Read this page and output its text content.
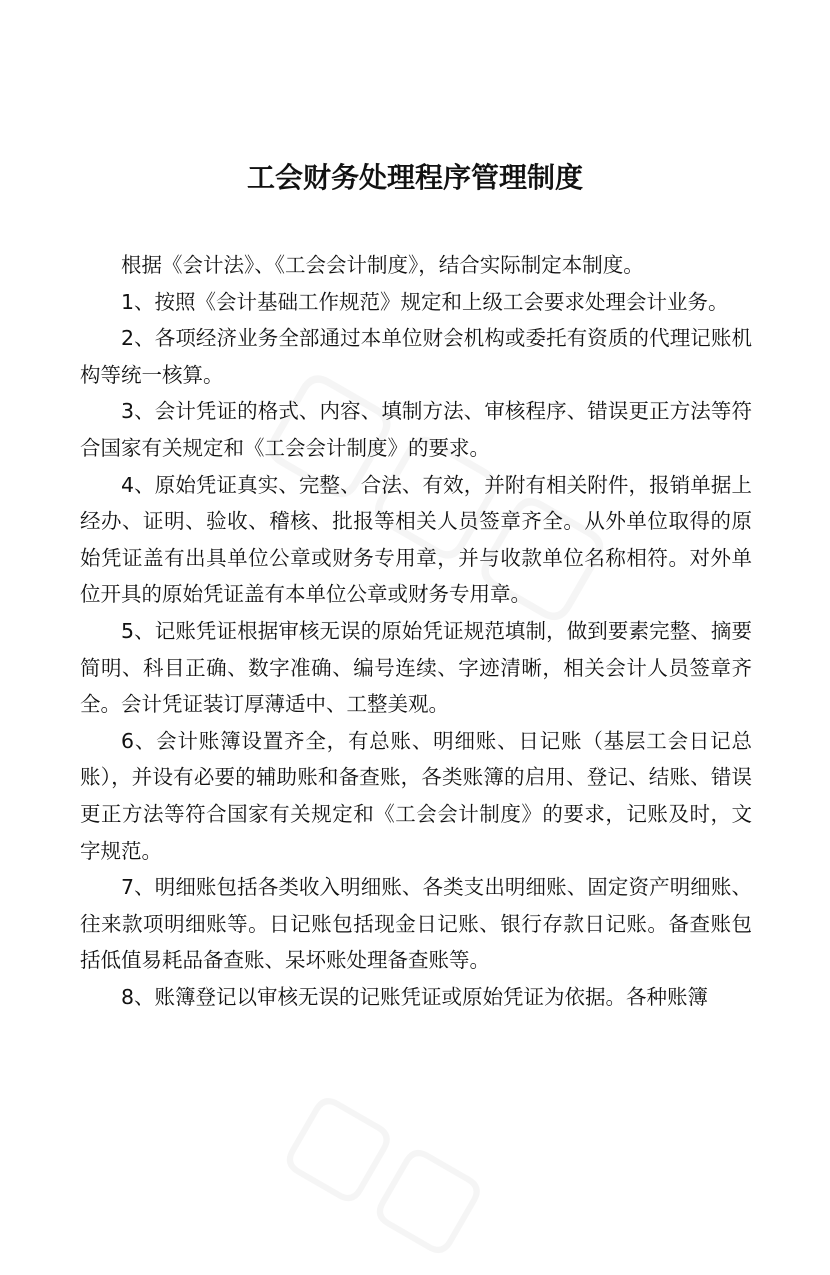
工会财务处理程序管理制度

根据《会计法》、《工会会计制度》，结合实际制定本制度。

1、按照《会计基础工作规范》规定和上级工会要求处理会计业务。

2、各项经济业务全部通过本单位财会机构或委托有资质的代理记账机构等统一核算。

3、会计凭证的格式、内容、填制方法、审核程序、错误更正方法等符合国家有关规定和《工会会计制度》的要求。

4、原始凭证真实、完整、合法、有效，并附有相关附件，报销单据上经办、证明、验收、稽核、批报等相关人员签章齐全。从外单位取得的原始凭证盖有出具单位公章或财务专用章，并与收款单位名称相符。对外单位开具的原始凭证盖有本单位公章或财务专用章。

5、记账凭证根据审核无误的原始凭证规范填制，做到要素完整、摘要简明、科目正确、数字准确、编号连续、字迹清晰，相关会计人员签章齐全。会计凭证装订厚薄适中、工整美观。

6、会计账簿设置齐全，有总账、明细账、日记账（基层工会日记总账），并设有必要的辅助账和备查账，各类账簿的启用、登记、结账、错误更正方法等符合国家有关规定和《工会会计制度》的要求，记账及时，文字规范。

7、明细账包括各类收入明细账、各类支出明细账、固定资产明细账、往来款项明细账等。日记账包括现金日记账、银行存款日记账。备查账包括低值易耗品备查账、呆坏账处理备查账等。

8、账簿登记以审核无误的记账凭证或原始凭证为依据。各种账簿
